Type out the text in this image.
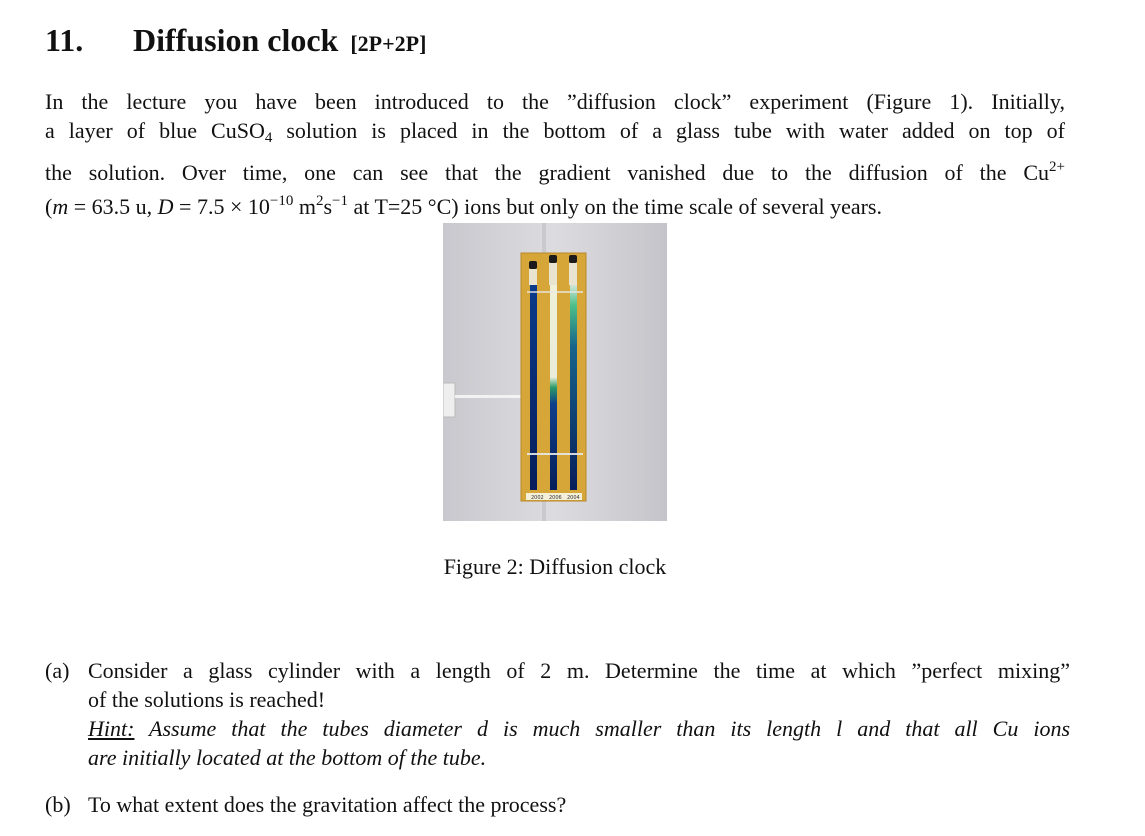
11. Diffusion clock [2P+2P]
In the lecture you have been introduced to the ”diffusion clock” experiment (Figure 1). Initially,
a layer of blue CuSO$_4$ solution is placed in the bottom of a glass tube with water added on top of
the solution. Over time, one can see that the gradient vanished due to the diffusion of the $Cu^{2+}$
(m = 63.5 u, $D = 7.5 \times 10^{-10}$ $m^2s^{-1}$ at T=25 °C) ions but only on the time scale of several years.
2002 2006 2004
Figure 2: Diffusion clock
(a) Consider a glass cylinder with a length of 2 m. Determine the time at which ”perfect mixing”
of the solutions is reached!
Hint: Assume that the tubes diameter d is much smaller than its length l and that all Cu ions
are initially located at the bottom of the tube.
(b) To what extent does the gravitation affect the process?
